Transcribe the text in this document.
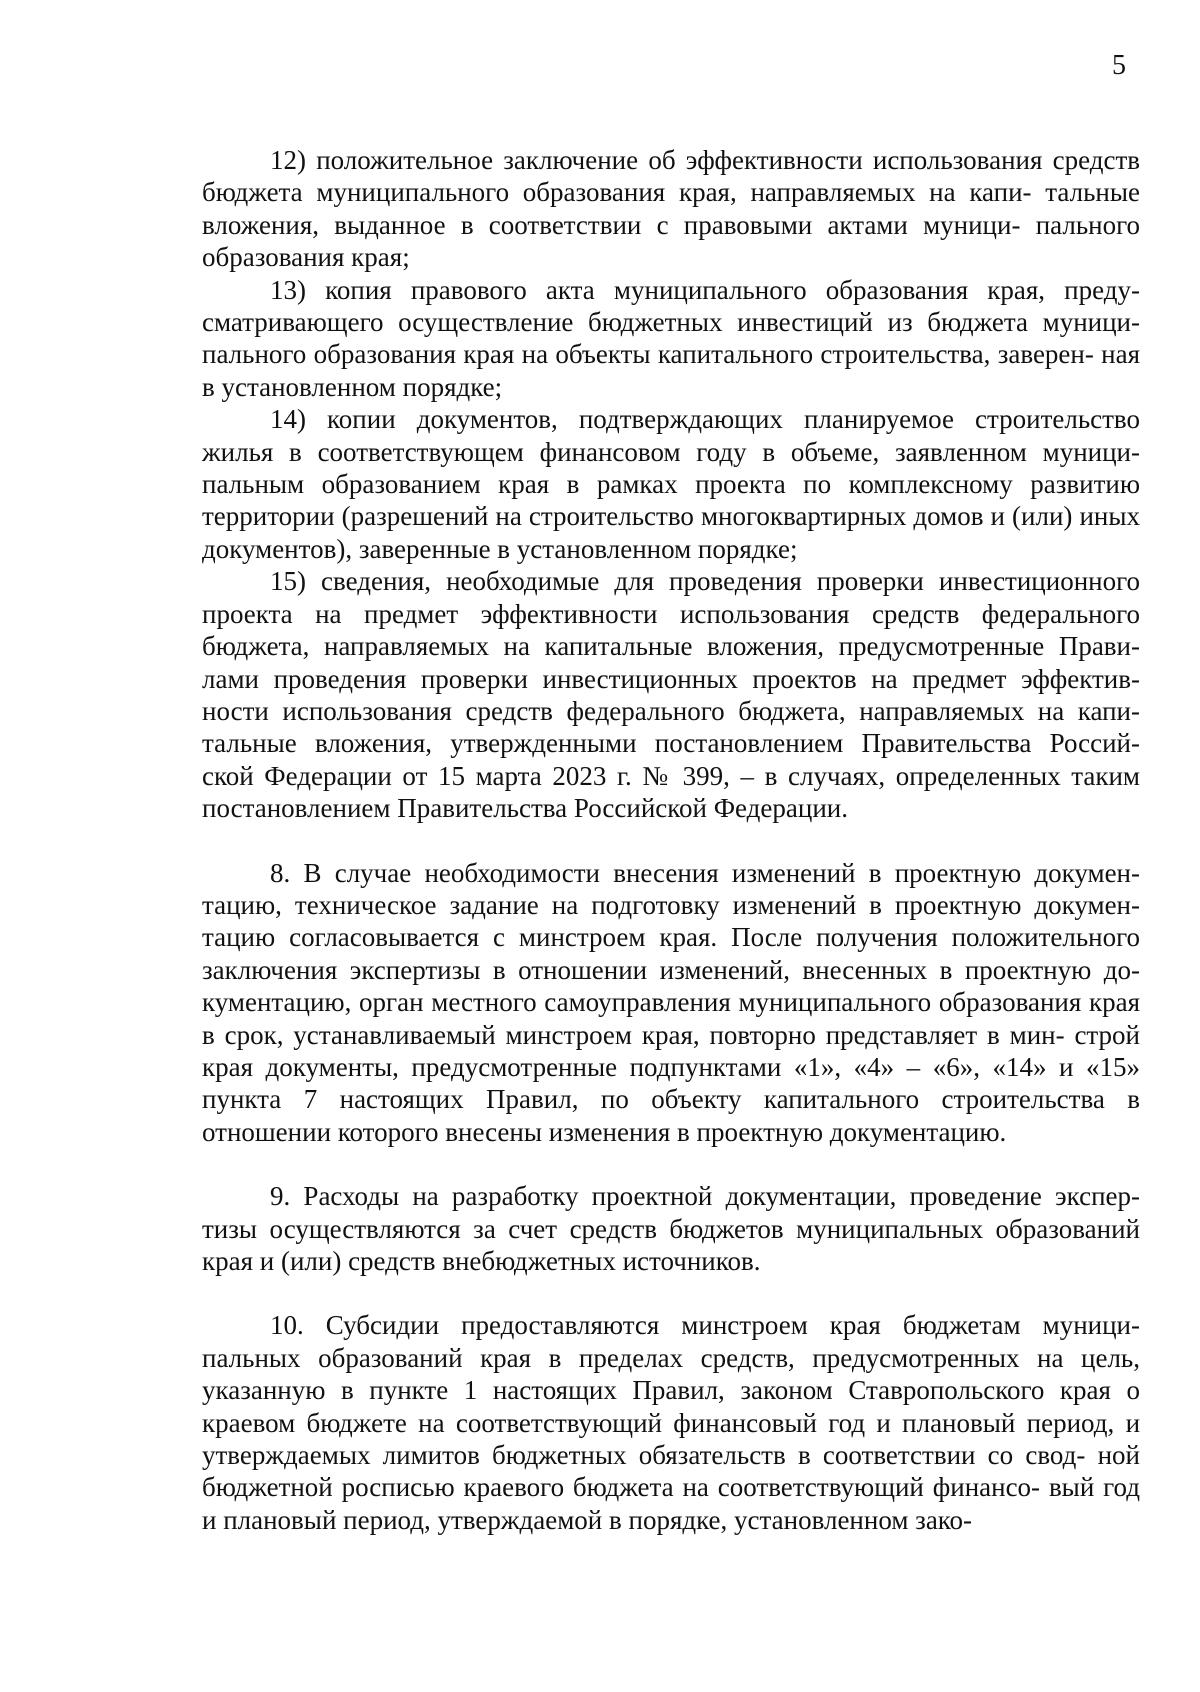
5

12) положительное заключение об эффективности использования средств бюджета муниципального образования края, направляемых на капи- тальные вложения, выданное в соответствии с правовыми актами муници- пального образования края;

13) копия правового акта муниципального образования края, преду- сматривающего осуществление бюджетных инвестиций из бюджета муници- пального образования края на объекты капитального строительства, заверен- ная в установленном порядке;

14) копии документов, подтверждающих планируемое строительство жилья в соответствующем финансовом году в объеме, заявленном муници- пальным образованием края в рамках проекта по комплексному развитию территории (разрешений на строительство многоквартирных домов и (или) иных документов), заверенные в установленном порядке;

15) сведения, необходимые для проведения проверки инвестиционного проекта на предмет эффективности использования средств федерального бюджета, направляемых на капитальные вложения, предусмотренные Прави- лами проведения проверки инвестиционных проектов на предмет эффектив- ности использования средств федерального бюджета, направляемых на капи- тальные вложения, утвержденными постановлением Правительства Россий- ской Федерации от 15 марта 2023 г. № 399, – в случаях, определенных таким постановлением Правительства Российской Федерации.

8. В случае необходимости внесения изменений в проектную докумен- тацию, техническое задание на подготовку изменений в проектную докумен- тацию согласовывается с минстроем края. После получения положительного заключения экспертизы в отношении изменений, внесенных в проектную до- кументацию, орган местного самоуправления муниципального образования края в срок, устанавливаемый минстроем края, повторно представляет в мин- строй края документы, предусмотренные подпунктами «1», «4» – «6», «14» и «15» пункта 7 настоящих Правил, по объекту капитального строительства в отношении которого внесены изменения в проектную документацию.

9. Расходы на разработку проектной документации, проведение экспер- тизы осуществляются за счет средств бюджетов муниципальных образований края и (или) средств внебюджетных источников.

10. Субсидии предоставляются минстроем края бюджетам муници- пальных образований края в пределах средств, предусмотренных на цель, указанную в пункте 1 настоящих Правил, законом Ставропольского края о краевом бюджете на соответствующий финансовый год и плановый период, и утверждаемых лимитов бюджетных обязательств в соответствии со свод- ной бюджетной росписью краевого бюджета на соответствующий финансо- вый год и плановый период, утверждаемой в порядке, установленном зако-
